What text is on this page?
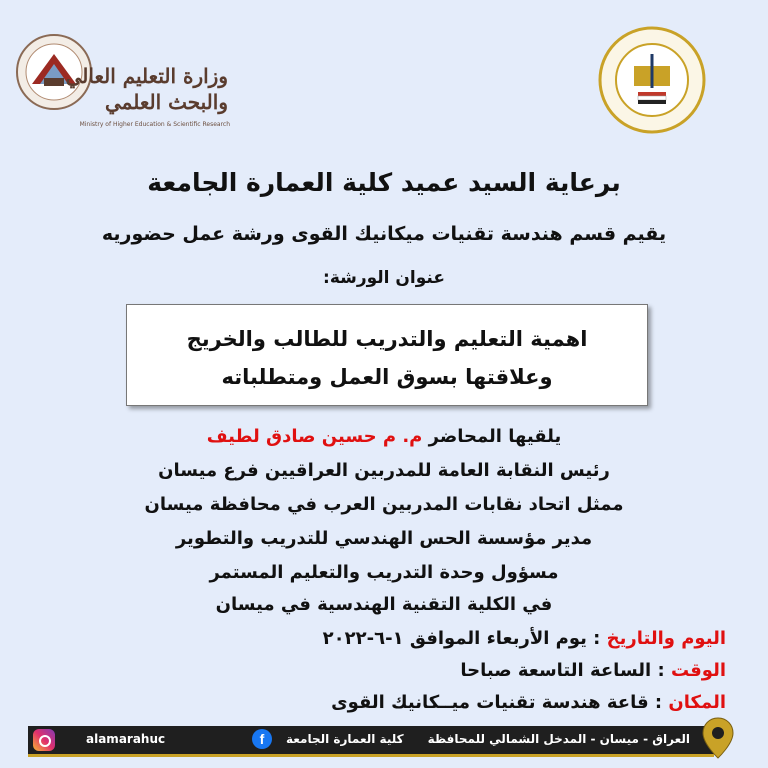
وزارة التعليم العالي
والبحث العلمي
Ministry of Higher Education & Scientific Research
برعاية السيد عميد كلية العمارة الجامعة
يقيم قسم هندسة تقنيات ميكانيك القوى ورشة عمل حضوريه
عنوان الورشة:
اهمية التعليم والتدريب للطالب والخريج
وعلاقتها بسوق العمل ومتطلباته
يلقيها المحاضر م. م حسين صادق لطيف
رئيس النقابة العامة للمدربين العراقيين فرع ميسان
ممثل اتحاد نقابات المدربين العرب في محافظة ميسان
مدير مؤسسة الحس الهندسي للتدريب والتطوير
مسؤول وحدة التدريب والتعليم المستمر
في الكلية التقنية الهندسية في ميسان
اليوم والتاريخ : يوم الأربعاء الموافق ١-٦-٢٠٢٢
الوقت : الساعة التاسعة صباحا
المكان : قاعة هندسة تقنيات ميــكانيك القوى
alamarahuc	f	كلية العمارة الجامعة العراق - ميسان - المدخل الشمالي للمحافظة
